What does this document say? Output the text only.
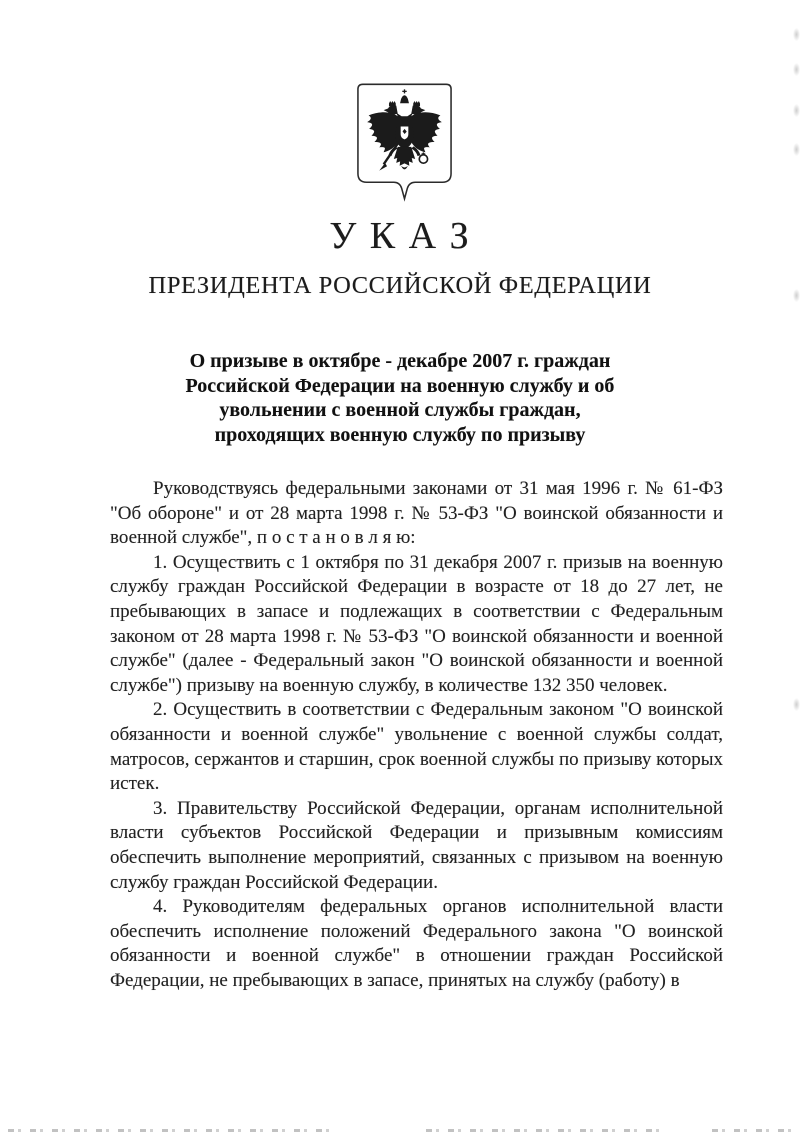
У К А З
ПРЕЗИДЕНТА РОССИЙСКОЙ ФЕДЕРАЦИИ
О призыве в октябре - декабре 2007 г. граждан
Российской Федерации на военную службу и об
увольнении с военной службы граждан,
проходящих военную службу по призыву

Руководствуясь федеральными законами от 31 мая 1996 г. № 61-ФЗ "Об обороне" и от 28 марта 1998 г. № 53-ФЗ "О воинской обязанности и военной службе", п о с т а н о в л я ю:

1. Осуществить с 1 октября по 31 декабря 2007 г. призыв на военную службу граждан Российской Федерации в возрасте от 18 до 27 лет, не пребывающих в запасе и подлежащих в соответствии с Федеральным законом от 28 марта 1998 г. № 53-ФЗ "О воинской обязанности и военной службе" (далее - Федеральный закон "О воинской обязанности и военной службе") призыву на военную службу, в количестве 132 350 человек.

2. Осуществить в соответствии с Федеральным законом "О воинской обязанности и военной службе" увольнение с военной службы солдат, матросов, сержантов и старшин, срок военной службы по призыву которых истек.

3. Правительству Российской Федерации, органам исполнительной власти субъектов Российской Федерации и призывным комиссиям обеспечить выполнение мероприятий, связанных с призывом на военную службу граждан Российской Федерации.

4. Руководителям федеральных органов исполнительной власти обеспечить исполнение положений Федерального закона "О воинской обязанности и военной службе" в отношении граждан Российской Федерации, не пребывающих в запасе, принятых на службу (работу) в
